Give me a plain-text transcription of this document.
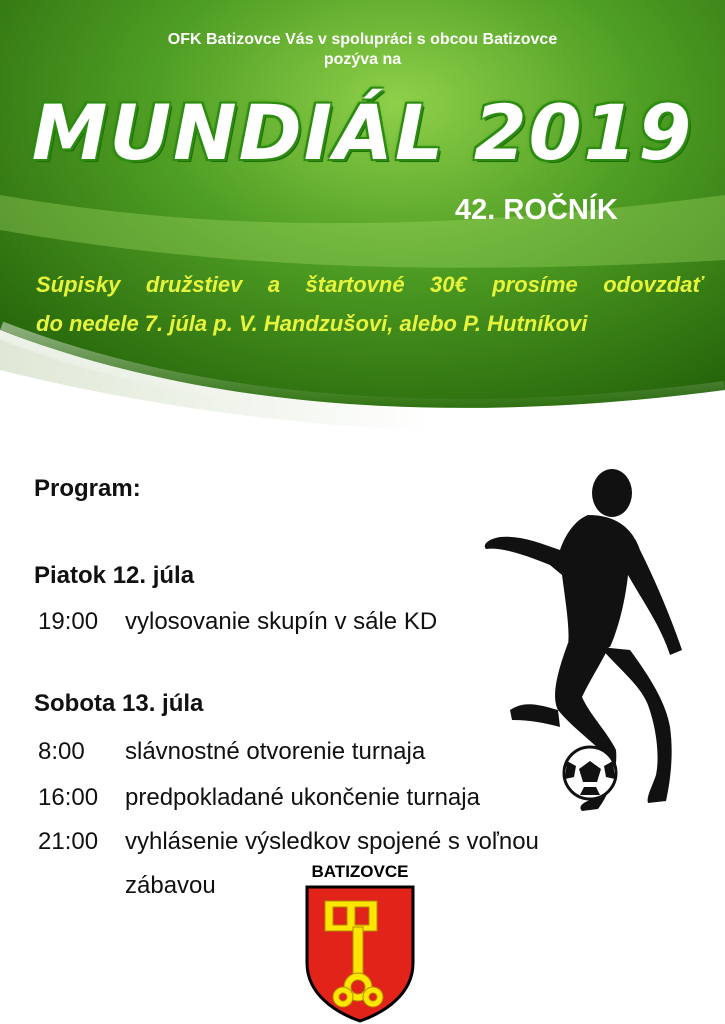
OFK Batizovce Vás v spolupráci s obcou Batizovce
pozýva na
MUNDIÁL 2019
42. ROČNÍK
Súpisky družstiev a štartovné 30€ prosíme odovzdať
do nedele 7. júla p. V. Handzušovi, alebo P. Hutníkovi
Program:
Piatok 12. júla
19:00 vylosovanie skupín v sále KD
Sobota 13. júla
8:00 slávnostné otvorenie turnaja
16:00 predpokladané ukončenie turnaja
21:00 vyhlásenie výsledkov spojené s voľnou
zábavou
BATIZOVCE
